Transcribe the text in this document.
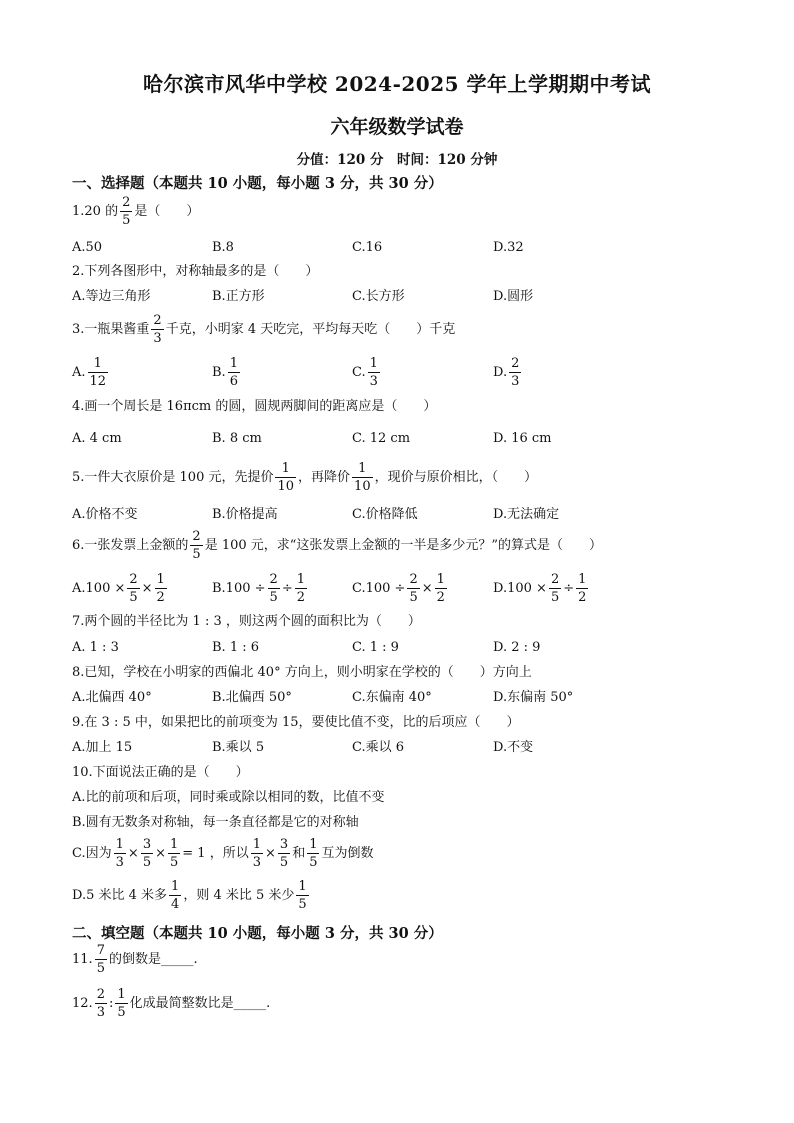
哈尔滨市风华中学校 2024-2025 学年上学期期中考试
六年级数学试卷
分值：120 分　时间：120 分钟
一、选择题（本题共 10 小题，每小题 3 分，共 30 分）
1.20 的 $\frac{2}{5}$ 是（　　）
A.50	B.8	C.16	D.32
2.下列各图形中，对称轴最多的是（　　）
A.等边三角形	B.正方形	C.长方形	D.圆形
3.一瓶果酱重 $\frac{2}{3}$ 千克，小明家 4 天吃完，平均每天吃（　　）千克
A. $\frac{1}{12}$	B. $\frac{1}{6}$	C. $\frac{1}{3}$	D. $\frac{2}{3}$
4.画一个周长是 16πcm 的圆，圆规两脚间的距离应是（　　）
A. 4 cm	B. 8 cm	C. 12 cm	D. 16 cm
5.一件大衣原价是 100 元，先提价 $\frac{1}{10}$ ，再降价 $\frac{1}{10}$ ，现价与原价相比，（　　）
A.价格不变	B.价格提高	C.价格降低	D.无法确定
6.一张发票上金额的 $\frac{2}{5}$ 是 100 元，求“这张发票上金额的一半是多少元？”的算式是（　　）
$A.100 \times \frac{2}{5} \times \frac{1}{2}$	$B.100 \div \frac{2}{5} \div \frac{1}{2}$	$C.100 \div \frac{2}{5} \times \frac{1}{2}$	$D.100 \times \frac{2}{5} \div \frac{1}{2}$
7.两个圆的半径比为 1 : 3 ，则这两个圆的面积比为（　　）
A. 1 : 3	B. 1 : 6	C. 1 : 9	D. 2 : 9
8.已知，学校在小明家的西偏北 40° 方向上，则小明家在学校的（　　）方向上
A.北偏西 40°	B.北偏西 50°	C.东偏南 40°	D.东偏南 50°
9.在 3 : 5 中，如果把比的前项变为 15，要使比值不变，比的后项应（　　）
A.加上 15	B.乘以 5	C.乘以 6	D.不变
10.下面说法正确的是（　　）
A.比的前项和后项，同时乘或除以相同的数，比值不变
B.圆有无数条对称轴，每一条直径都是它的对称轴
C.因为 $\frac{1}{3} \times \frac{3}{5} \times \frac{1}{5} = 1$ ，所以 $\frac{1}{3} \times \frac{3}{5}$ 和 $\frac{1}{5}$ 互为倒数
D.5 米比 4 米多 $\frac{1}{4}$ ，则 4 米比 5 米少 $\frac{1}{5}$
二、填空题（本题共 10 小题，每小题 3 分，共 30 分）
11. $\frac{7}{5}$ 的倒数是_____.
12. $\frac{2}{3}$ : $\frac{1}{5}$ 化成最简整数比是_____.
